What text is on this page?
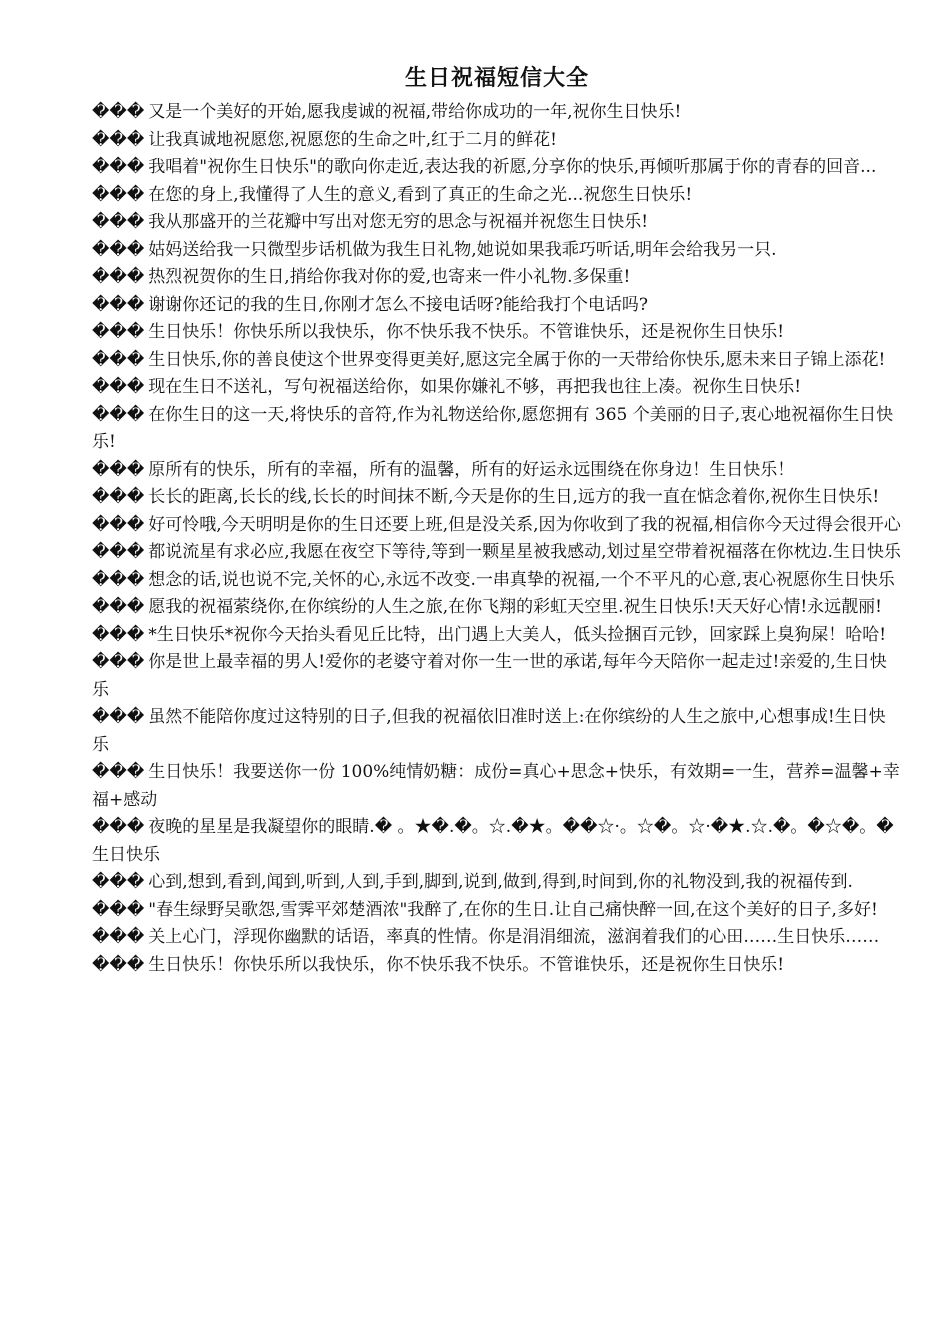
生日祝福短信大全
��� 又是一个美好的开始,愿我虔诚的祝福,带给你成功的一年,祝你生日快乐!
��� 让我真诚地祝愿您,祝愿您的生命之叶,红于二月的鲜花!
��� 我唱着"祝你生日快乐"的歌向你走近,表达我的祈愿,分享你的快乐,再倾听那属于你的青春的回音...
��� 在您的身上,我懂得了人生的意义,看到了真正的生命之光...祝您生日快乐!
��� 我从那盛开的兰花瓣中写出对您无穷的思念与祝福并祝您生日快乐!
��� 姑妈送给我一只微型步话机做为我生日礼物,她说如果我乖巧听话,明年会给我另一只.
��� 热烈祝贺你的生日,捎给你我对你的爱,也寄来一件小礼物.多保重!
��� 谢谢你还记的我的生日,你刚才怎么不接电话呀?能给我打个电话吗?
��� 生日快乐！你快乐所以我快乐，你不快乐我不快乐。不管谁快乐，还是祝你生日快乐!
��� 生日快乐,你的善良使这个世界变得更美好,愿这完全属于你的一天带给你快乐,愿未来日子锦上添花!
��� 现在生日不送礼，写句祝福送给你，如果你嫌礼不够，再把我也往上凑。祝你生日快乐!
��� 在你生日的这一天,将快乐的音符,作为礼物送给你,愿您拥有 365 个美丽的日子,衷心地祝福你生日快乐!
��� 原所有的快乐，所有的幸福，所有的温馨，所有的好运永远围绕在你身边！生日快乐！
��� 长长的距离,长长的线,长长的时间抹不断,今天是你的生日,远方的我一直在惦念着你,祝你生日快乐!
��� 好可怜哦,今天明明是你的生日还要上班,但是没关系,因为你收到了我的祝福,相信你今天过得会很开心
��� 都说流星有求必应,我愿在夜空下等待,等到一颗星星被我感动,划过星空带着祝福落在你枕边.生日快乐
��� 想念的话,说也说不完,关怀的心,永远不改变.一串真挚的祝福,一个不平凡的心意,衷心祝愿你生日快乐
��� 愿我的祝福萦绕你,在你缤纷的人生之旅,在你飞翔的彩虹天空里.祝生日快乐!天天好心情!永远靓丽!
��� *生日快乐*祝你今天抬头看见丘比特，出门遇上大美人，低头捡捆百元钞，回家踩上臭狗屎！哈哈!
��� 你是世上最幸福的男人!爱你的老婆守着对你一生一世的承诺,每年今天陪你一起走过!亲爱的,生日快乐
��� 虽然不能陪你度过这特别的日子,但我的祝福依旧准时送上:在你缤纷的人生之旅中,心想事成!生日快乐
��� 生日快乐！我要送你一份 100%纯情奶糖：成份=真心+思念+快乐，有效期=一生，营养=温馨+幸福+感动
��� 夜晚的星星是我凝望你的眼睛.� 。★�.�。☆.�★。��☆·。☆�。☆·�★.☆.�。�☆�。�生日快乐
��� 心到,想到,看到,闻到,听到,人到,手到,脚到,说到,做到,得到,时间到,你的礼物没到,我的祝福传到.
��� "春生绿野吴歌怨,雪霁平郊楚酒浓"我醉了,在你的生日.让自己痛快醉一回,在这个美好的日子,多好!
��� 关上心门，浮现你幽默的话语，率真的性情。你是涓涓细流，滋润着我们的心田……生日快乐……
��� 生日快乐！你快乐所以我快乐，你不快乐我不快乐。不管谁快乐，还是祝你生日快乐!
